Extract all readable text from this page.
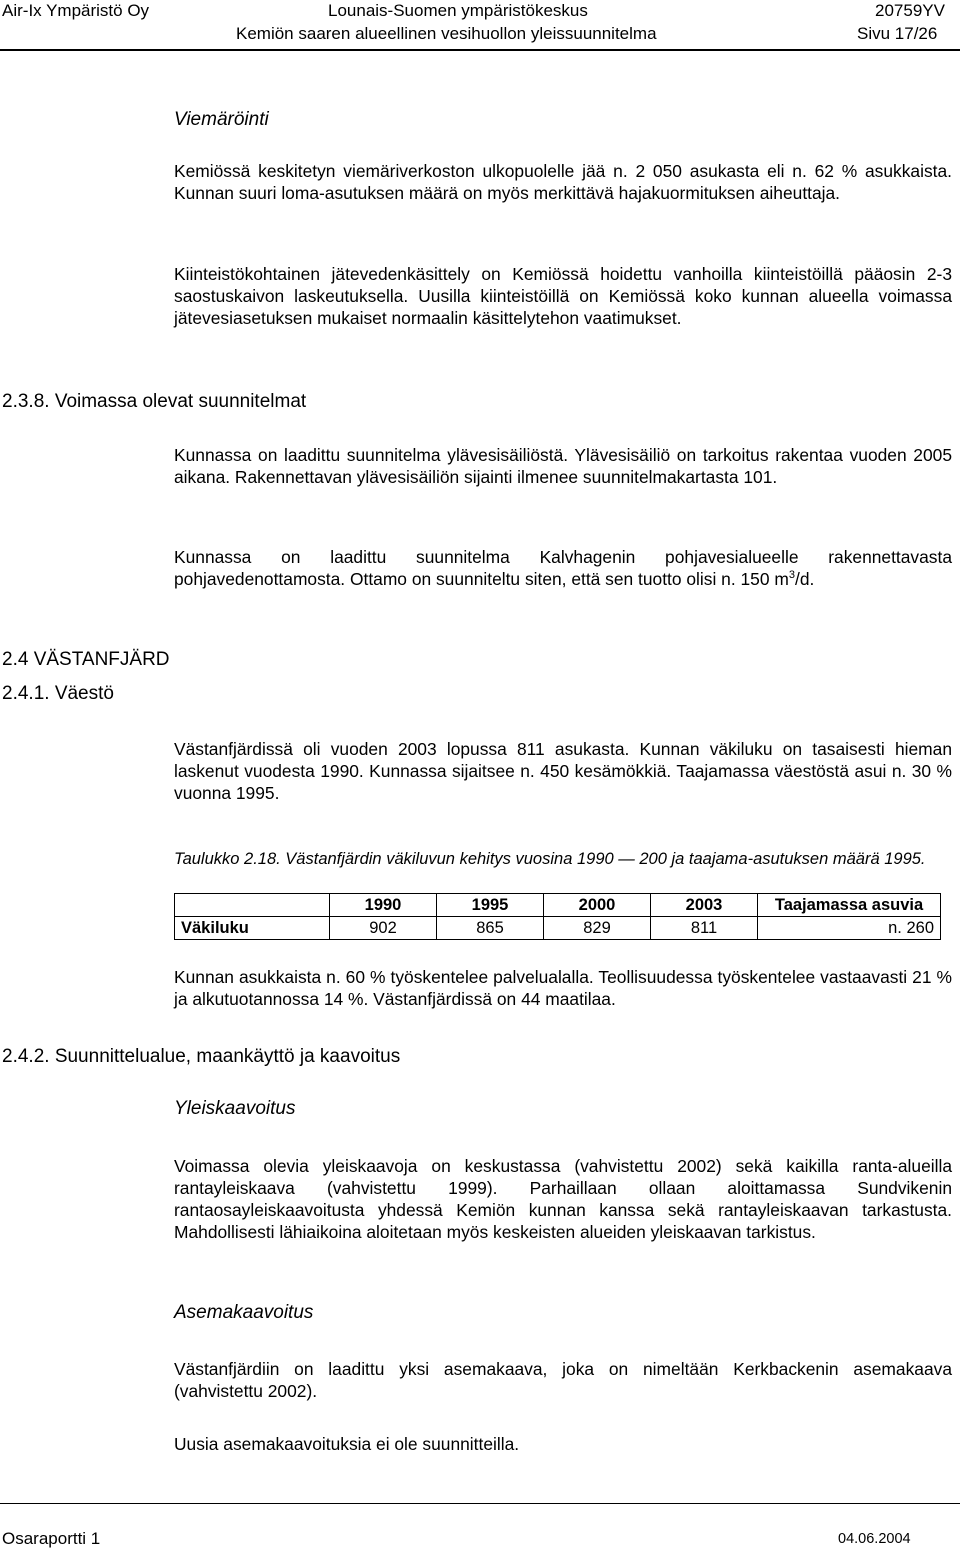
Air-Ix Ympäristö Oy	Lounais-Suomen ympäristökeskus	20759YV
Kemiön saaren alueellinen vesihuollon yleissuunnitelma	Sivu 17/26
Viemäröinti
Kemiössä keskitetyn viemäriverkoston ulkopuolelle jää n. 2 050 asukasta eli n. 62 % asukkaista. Kunnan suuri loma-asutuksen määrä on myös merkittävä hajakuormituksen aiheuttaja.
Kiinteistökohtainen jätevedenkäsittely on Kemiössä hoidettu vanhoilla kiinteistöillä pääosin 2-3 saostuskaivon laskeutuksella. Uusilla kiinteistöillä on Kemiössä koko kunnan alueella voimassa jätevesiasetuksen mukaiset normaalin käsittelytehon vaatimukset.
2.3.8. Voimassa olevat suunnitelmat
Kunnassa on laadittu suunnitelma ylävesisäiliöstä. Ylävesisäiliö on tarkoitus rakentaa vuoden 2005 aikana. Rakennettavan ylävesisäiliön sijainti ilmenee suunnitelmakartasta 101.
Kunnassa on laadittu suunnitelma Kalvhagenin pohjavesialueelle rakennettavasta pohjavedenottamosta. Ottamo on suunniteltu siten, että sen tuotto olisi n. 150 $m^3/d$.
2.4 VÄSTANFJÄRD
2.4.1. Väestö
Västanfjärdissä oli vuoden 2003 lopussa 811 asukasta. Kunnan väkiluku on tasaisesti hieman laskenut vuodesta 1990. Kunnassa sijaitsee n. 450 kesämökkiä. Taajamassa väestöstä asui n. 30 % vuonna 1995.
Taulukko 2.18. Västanfjärdin väkiluvun kehitys vuosina 1990 — 200 ja taajama-asutuksen määrä 1995.
	1990	1995	2000	2003	Taajamassa asuvia
Väkiluku	902	865	829	811	n. 260
Kunnan asukkaista n. 60 % työskentelee palvelualalla. Teollisuudessa työskentelee vastaavasti 21 % ja alkutuotannossa 14 %. Västanfjärdissä on 44 maatilaa.
2.4.2. Suunnittelualue, maankäyttö ja kaavoitus
Yleiskaavoitus
Voimassa olevia yleiskaavoja on keskustassa (vahvistettu 2002) sekä kaikilla ranta-alueilla rantayleiskaava (vahvistettu 1999). Parhaillaan ollaan aloittamassa Sundvikenin rantaosayleiskaavoitusta yhdessä Kemiön kunnan kanssa sekä rantayleiskaavan tarkastusta. Mahdollisesti lähiaikoina aloitetaan myös keskeisten alueiden yleiskaavan tarkistus.
Asemakaavoitus
Västanfjärdiin on laadittu yksi asemakaava, joka on nimeltään Kerkbackenin asemakaava (vahvistettu 2002).
Uusia asemakaavoituksia ei ole suunnitteilla.
Osaraportti 1	04.06.2004
